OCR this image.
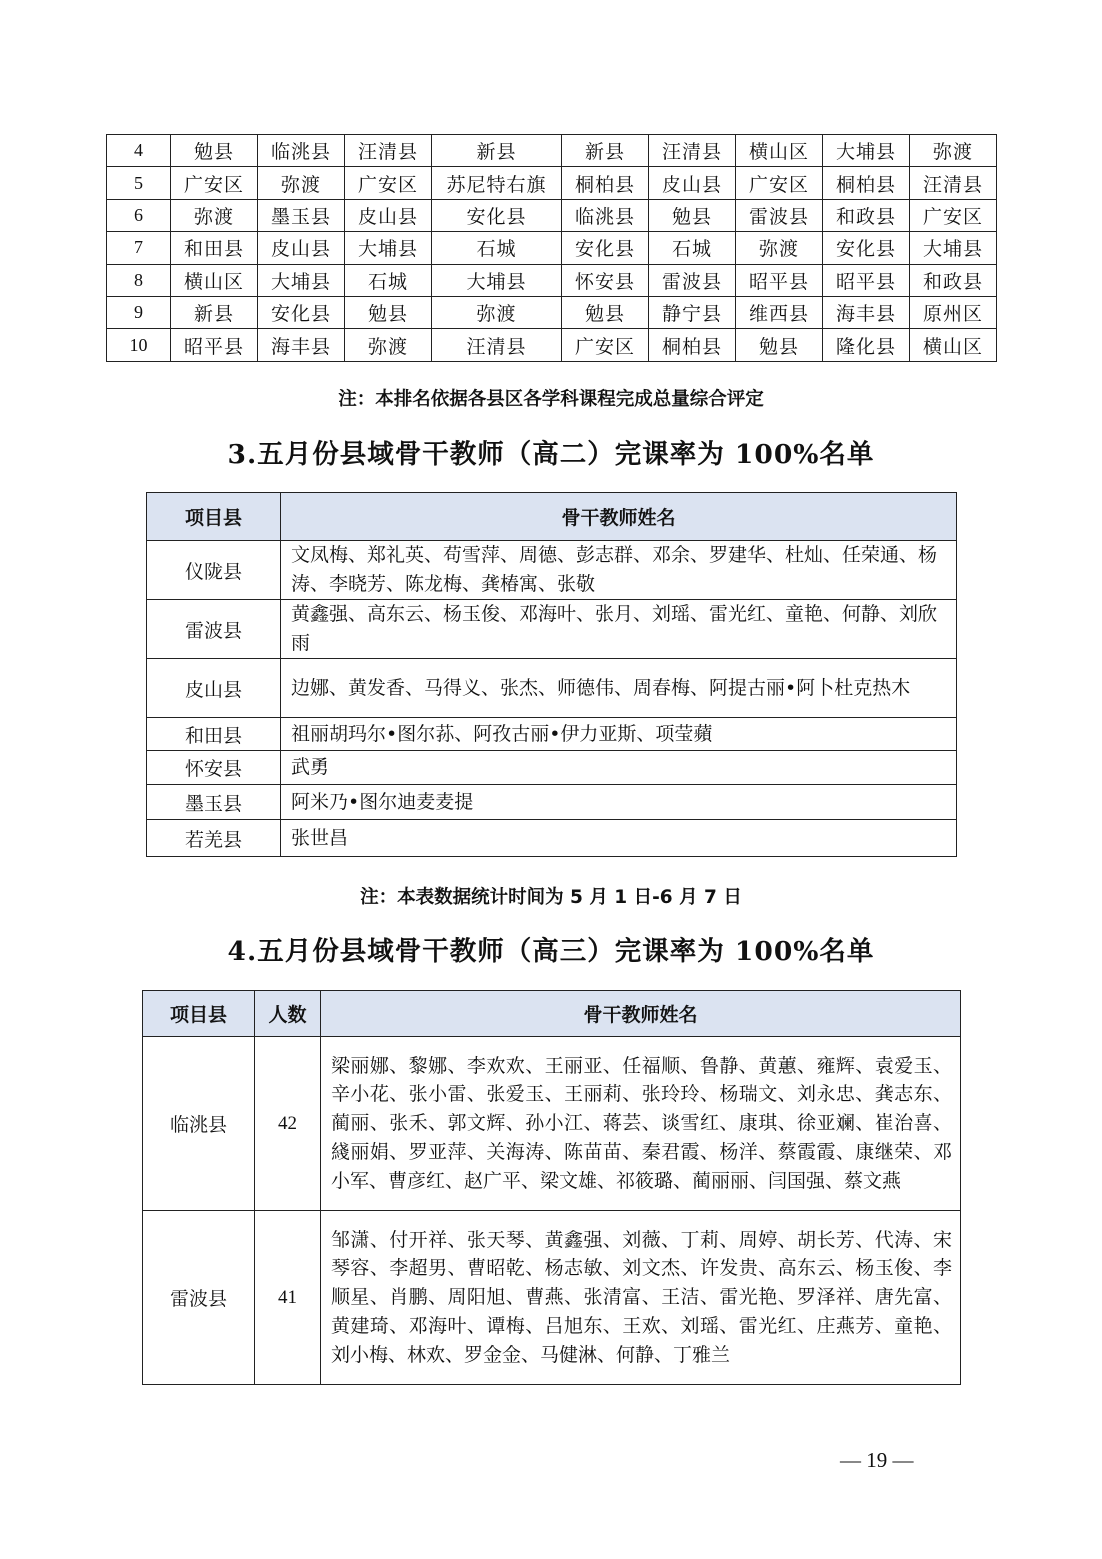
4	勉县	临洮县	汪清县	新县	新县	汪清县	横山区	大埔县	弥渡
5	广安区	弥渡	广安区	苏尼特右旗	桐柏县	皮山县	广安区	桐柏县	汪清县
6	弥渡	墨玉县	皮山县	安化县	临洮县	勉县	雷波县	和政县	广安区
7	和田县	皮山县	大埔县	石城	安化县	石城	弥渡	安化县	大埔县
8	横山区	大埔县	石城	大埔县	怀安县	雷波县	昭平县	昭平县	和政县
9	新县	安化县	勉县	弥渡	勉县	静宁县	维西县	海丰县	原州区
10	昭平县	海丰县	弥渡	汪清县	广安区	桐柏县	勉县	隆化县	横山区
注：本排名依据各县区各学科课程完成总量综合评定
3.五月份县域骨干教师（高二）完课率为 100%名单
项目县	骨干教师姓名
仪陇县	文凤梅、郑礼英、苟雪萍、周德、彭志群、邓余、罗建华、杜灿、任荣通、杨涛、李晓芳、陈龙梅、龚椿寓、张敬
雷波县	黄鑫强、高东云、杨玉俊、邓海叶、张月、刘瑶、雷光红、童艳、何静、刘欣雨
皮山县	边娜、黄发香、马得义、张杰、师德伟、周春梅、阿提古丽•阿卜杜克热木
和田县	祖丽胡玛尔•图尔荪、阿孜古丽•伊力亚斯、项莹蘋
怀安县	武勇
墨玉县	阿米乃•图尔迪麦麦提
若羌县	张世昌
注：本表数据统计时间为 5 月 1 日-6 月 7 日
4.五月份县域骨干教师（高三）完课率为 100%名单
项目县	人数	骨干教师姓名
临洮县	42	梁丽娜、黎娜、李欢欢、王丽亚、任福顺、鲁静、黄蕙、雍辉、袁爱玉、辛小花、张小雷、张爱玉、王丽莉、张玲玲、杨瑞文、刘永忠、龚志东、蔺丽、张禾、郭文辉、孙小江、蒋芸、谈雪红、康琪、徐亚斓、崔治喜、綫丽娟、罗亚萍、关海涛、陈苗苗、秦君霞、杨洋、蔡霞霞、康继荣、邓小军、曹彦红、赵广平、梁文雄、祁筱璐、蔺丽丽、闫国强、蔡文燕
雷波县	41	邹潇、付开祥、张天琴、黄鑫强、刘薇、丁莉、周婷、胡长芳、代涛、宋琴容、李超男、曹昭乾、杨志敏、刘文杰、许发贵、高东云、杨玉俊、李顺星、肖鹏、周阳旭、曹燕、张清富、王洁、雷光艳、罗泽祥、唐先富、黄建琦、邓海叶、谭梅、吕旭东、王欢、刘瑶、雷光红、庄燕芳、童艳、刘小梅、林欢、罗金金、马健淋、何静、丁雅兰
— 19 —
